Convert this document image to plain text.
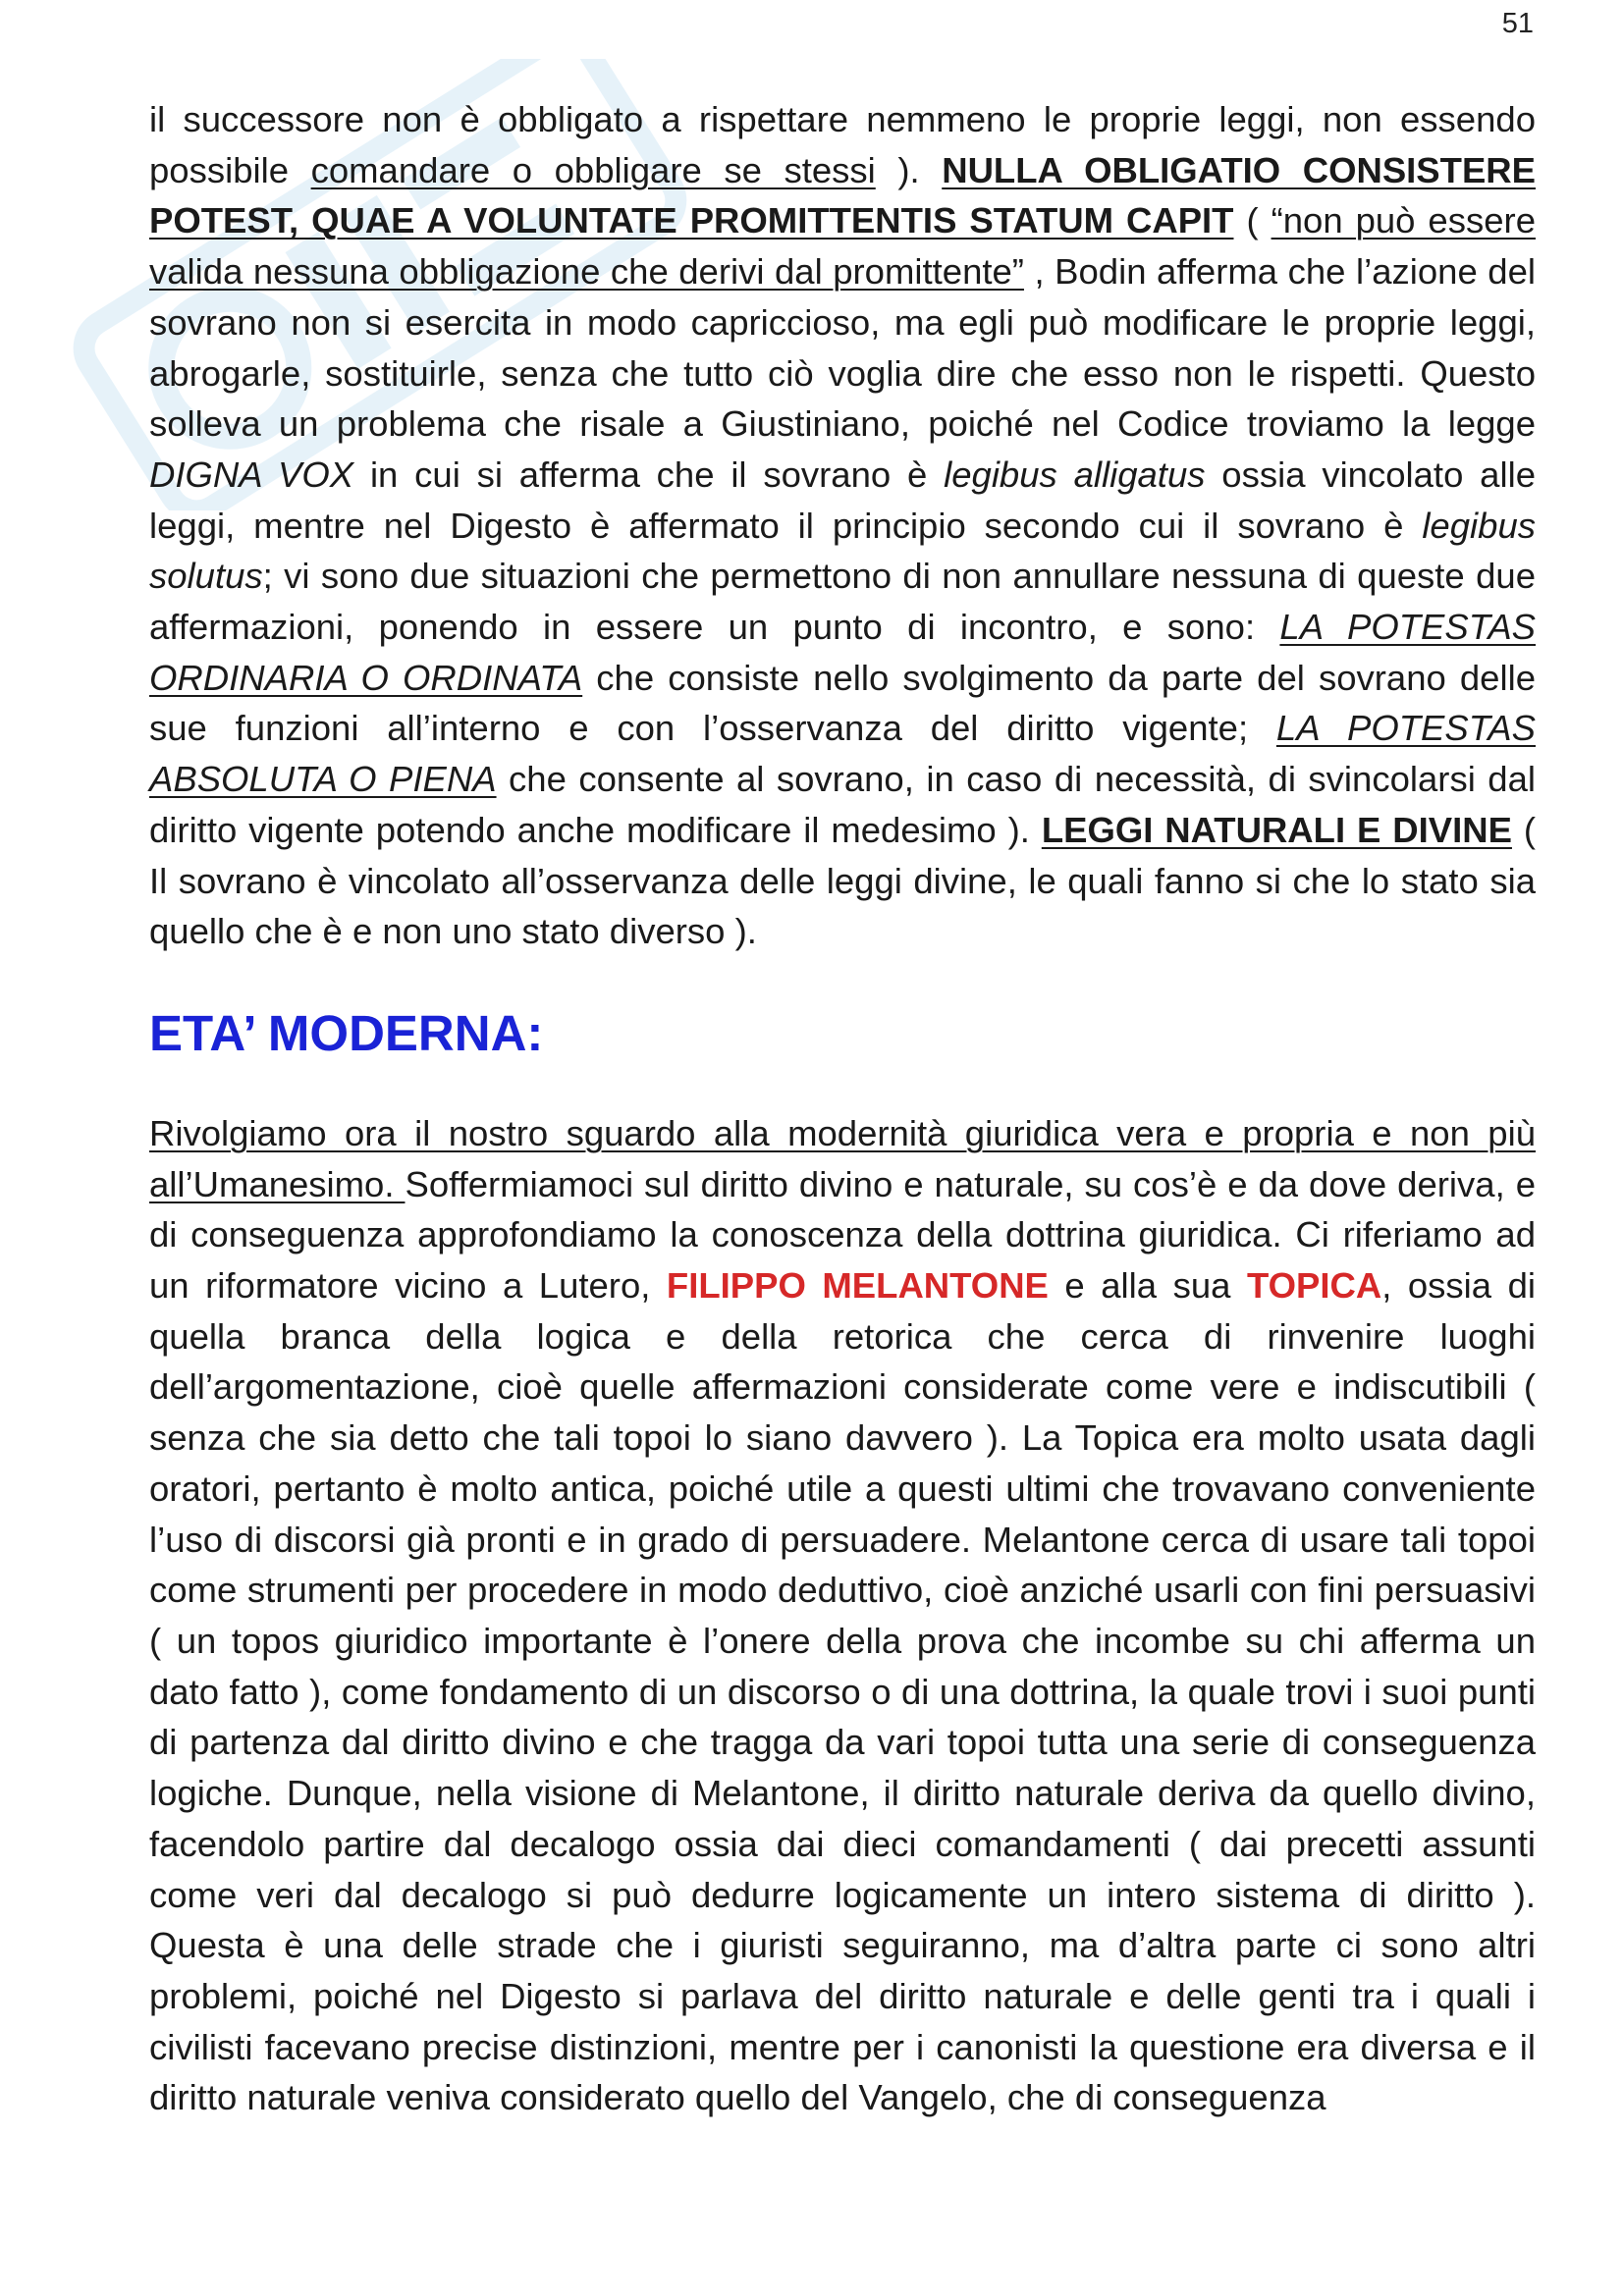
51

il successore non è obbligato a rispettare nemmeno le proprie leggi, non essendo possibile comandare o obbligare se stessi ). NULLA OBLIGATIO CONSISTERE POTEST, QUAE A VOLUNTATE PROMITTENTIS STATUM CAPIT ( “non può essere valida nessuna obbligazione che derivi dal promittente” , Bodin afferma che l’azione del sovrano non si esercita in modo capriccioso, ma egli può modificare le proprie leggi, abrogarle, sostituirle, senza che tutto ciò voglia dire che esso non le rispetti. Questo solleva un problema che risale a Giustiniano, poiché nel Codice troviamo la legge DIGNA VOX in cui si afferma che il sovrano è legibus alligatus ossia vincolato alle leggi, mentre nel Digesto è affermato il principio secondo cui il sovrano è legibus solutus; vi sono due situazioni che permettono di non annullare nessuna di queste due affermazioni, ponendo in essere un punto di incontro, e sono: LA POTESTAS ORDINARIA O ORDINATA che consiste nello svolgimento da parte del sovrano delle sue funzioni all’interno e con l’osservanza del diritto vigente; LA POTESTAS ABSOLUTA O PIENA che consente al sovrano, in caso di necessità, di svincolarsi dal diritto vigente potendo anche modificare il medesimo ). LEGGI NATURALI E DIVINE ( Il sovrano è vincolato all’osservanza delle leggi divine, le quali fanno si che lo stato sia quello che è e non uno stato diverso ).

ETA’ MODERNA:

Rivolgiamo ora il nostro sguardo alla modernità giuridica vera e propria e non più all’Umanesimo. Soffermiamoci sul diritto divino e naturale, su cos’è e da dove deriva, e di conseguenza approfondiamo la conoscenza della dottrina giuridica. Ci riferiamo ad un riformatore vicino a Lutero, FILIPPO MELANTONE e alla sua TOPICA, ossia di quella branca della logica e della retorica che cerca di rinvenire luoghi dell’argomentazione, cioè quelle affermazioni considerate come vere e indiscutibili ( senza che sia detto che tali topoi lo siano davvero ). La Topica era molto usata dagli oratori, pertanto è molto antica, poiché utile a questi ultimi che trovavano conveniente l’uso di discorsi già pronti e in grado di persuadere. Melantone cerca di usare tali topoi come strumenti per procedere in modo deduttivo, cioè anziché usarli con fini persuasivi ( un topos giuridico importante è l’onere della prova che incombe su chi afferma un dato fatto ), come fondamento di un discorso o di una dottrina, la quale trovi i suoi punti di partenza dal diritto divino e che tragga da vari topoi tutta una serie di conseguenza logiche. Dunque, nella visione di Melantone, il diritto naturale deriva da quello divino, facendolo partire dal decalogo ossia dai dieci comandamenti ( dai precetti assunti come veri dal decalogo si può dedurre logicamente un intero sistema di diritto ). Questa è una delle strade che i giuristi seguiranno, ma d’altra parte ci sono altri problemi, poiché nel Digesto si parlava del diritto naturale e delle genti tra i quali i civilisti facevano precise distinzioni, mentre per i canonisti la questione era diversa e il diritto naturale veniva considerato quello del Vangelo, che di conseguenza
